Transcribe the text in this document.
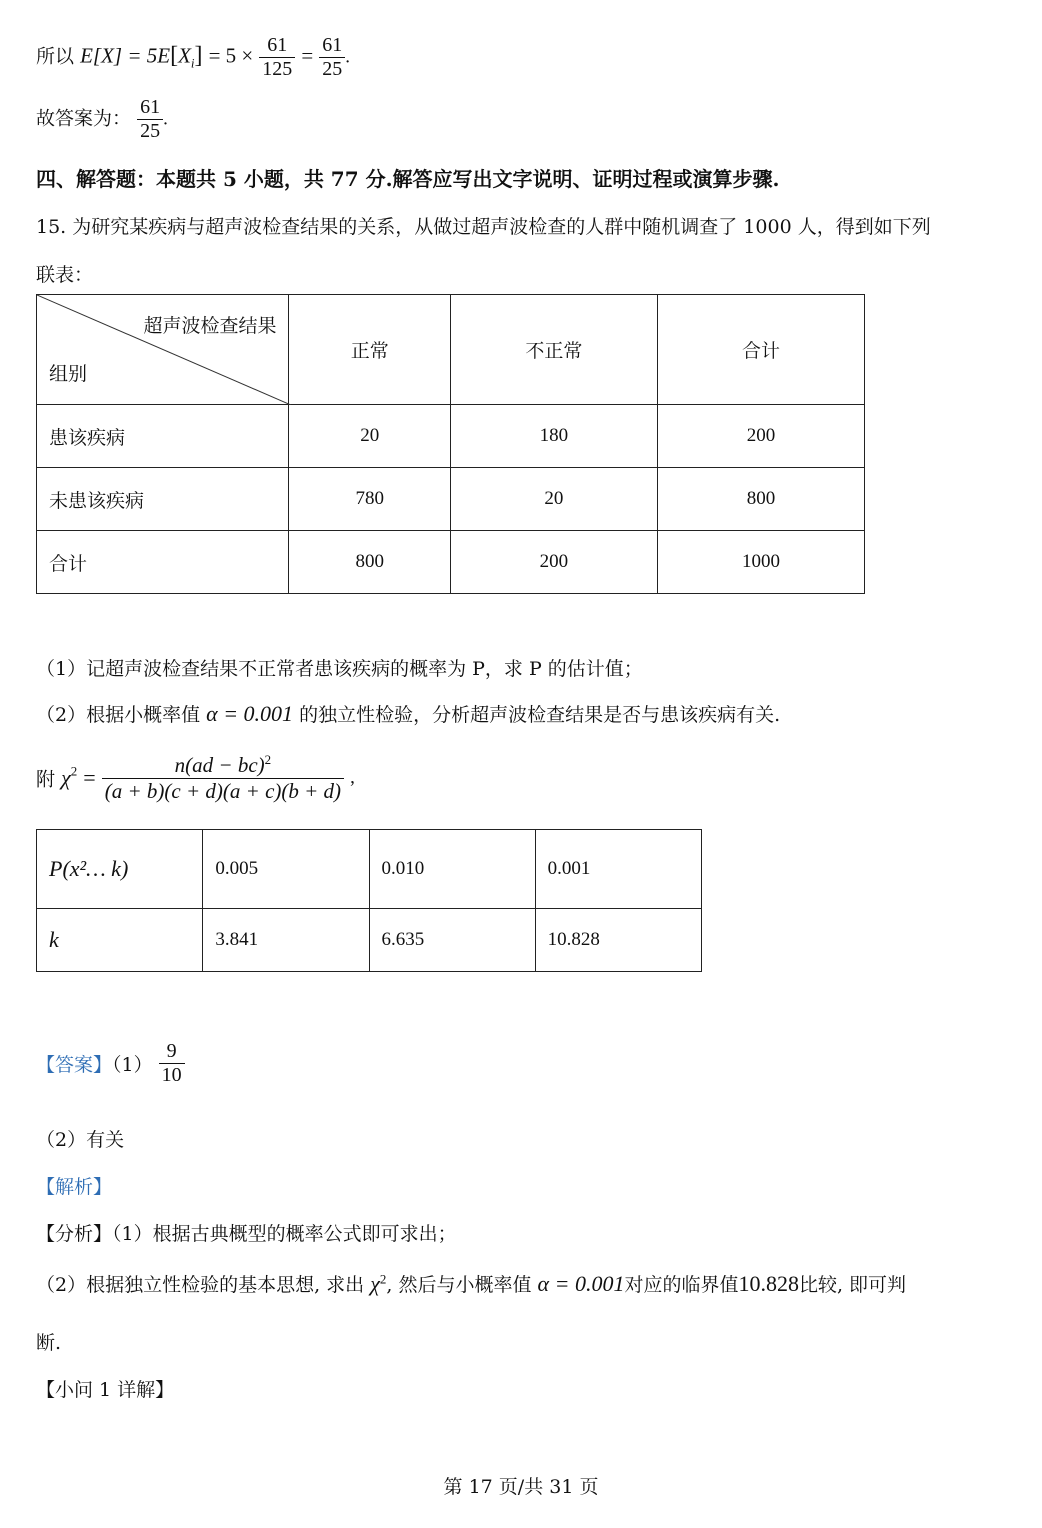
所以 $E[X] = 5E[X_i] = 5 \times \frac{61}{125} = \frac{61}{25}$ .
故答案为： $\frac{61}{25}$ .
四、解答题：本题共 5 小题，共 77 分.解答应写出文字说明、证明过程或演算步骤.
15. 为研究某疾病与超声波检查结果的关系，从做过超声波检查的人群中随机调查了 1000 人，得到如下列
联表：
超声波检查结果
组别	正常	不正常	合计
患该疾病	20	180	200
未患该疾病	780	20	800
合计	800	200	1000
（1）记超声波检查结果不正常者患该疾病的概率为 P，求 P 的估计值；
（2）根据小概率值 α = 0.001 的独立性检验，分析超声波检查结果是否与患该疾病有关.
附 $\chi^2 = \frac{n(ad - bc)^2}{(a + b)(c + d)(a + c)(b + d)}$ ,
P(x²… k)	0.005	0.010	0.001
k	3.841	6.635	10.828
【答案】$(1) \frac{9}{10}$
（2）有关
【解析】
【分析】（1）根据古典概型的概率公式即可求出；
（2）根据独立性检验的基本思想, 求出 $\chi^2$, 然后与小概率值 α = 0.001对应的临界值10.828比较, 即可判
断.
【小问 1 详解】
第 17 页/共 31 页
